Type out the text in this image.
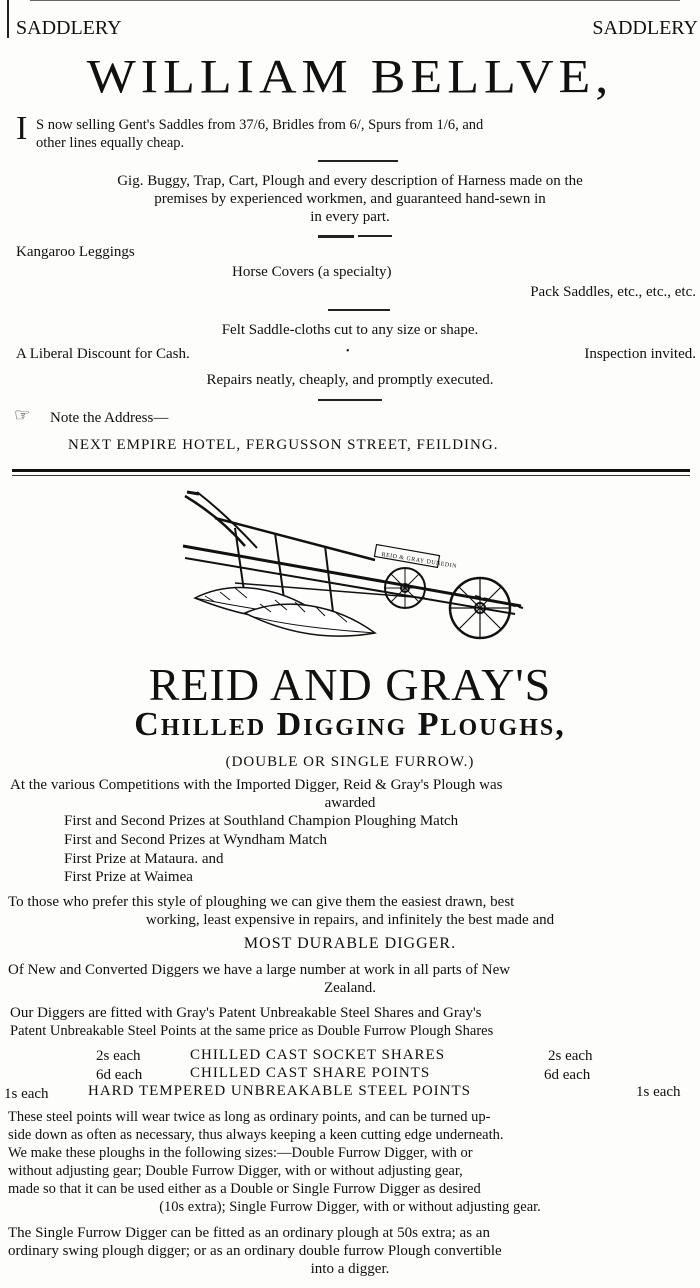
SADDLERY	SADDLERY
WILLIAM BELLVE,
I S now selling Gent's Saddles from 37/6, Bridles from 6/, Spurs from 1/6, and
other lines equally cheap.
Gig. Buggy, Trap, Cart, Plough and every description of Harness made on the
premises by experienced workmen, and guaranteed hand-sewn in
in every part.
Kangaroo Leggings
Horse Covers (a specialty)
Pack Saddles, etc., etc., etc.
Felt Saddle-cloths cut to any size or shape.
A Liberal Discount for Cash.	•	Inspection invited.
Repairs neatly, cheaply, and promptly executed.
☞ Note the Address—
NEXT EMPIRE HOTEL, FERGUSSON STREET, FEILDING.
REID & GRAY DUNEDIN
REID AND GRAY'S
Chilled Digging Ploughs,
(DOUBLE OR SINGLE FURROW.)
At the various Competitions with the Imported Digger, Reid & Gray's Plough was
awarded
First and Second Prizes at Southland Champion Ploughing Match
First and Second Prizes at Wyndham Match
First Prize at Mataura. and
First Prize at Waimea
To those who prefer this style of ploughing we can give them the easiest drawn, best
working, least expensive in repairs, and infinitely the best made and
MOST DURABLE DIGGER.
Of New and Converted Diggers we have a large number at work in all parts of New
Zealand.
Our Diggers are fitted with Gray's Patent Unbreakable Steel Shares and Gray's
Patent Unbreakable Steel Points at the same price as Double Furrow Plough Shares
2s each	CHILLED CAST SOCKET SHARES	2s each
6d each	CHILLED CAST SHARE POINTS	6d each
1s each	HARD TEMPERED UNBREAKABLE STEEL POINTS	1s each
These steel points will wear twice as long as ordinary points, and can be turned up-
side down as often as necessary, thus always keeping a keen cutting edge underneath.
We make these ploughs in the following sizes:—Double Furrow Digger, with or
without adjusting gear; Double Furrow Digger, with or without adjusting gear,
made so that it can be used either as a Double or Single Furrow Digger as desired
(10s extra); Single Furrow Digger, with or without adjusting gear.
The Single Furrow Digger can be fitted as an ordinary plough at 50s extra; as an
ordinary swing plough digger; or as an ordinary double furrow Plough convertible
into a digger.
